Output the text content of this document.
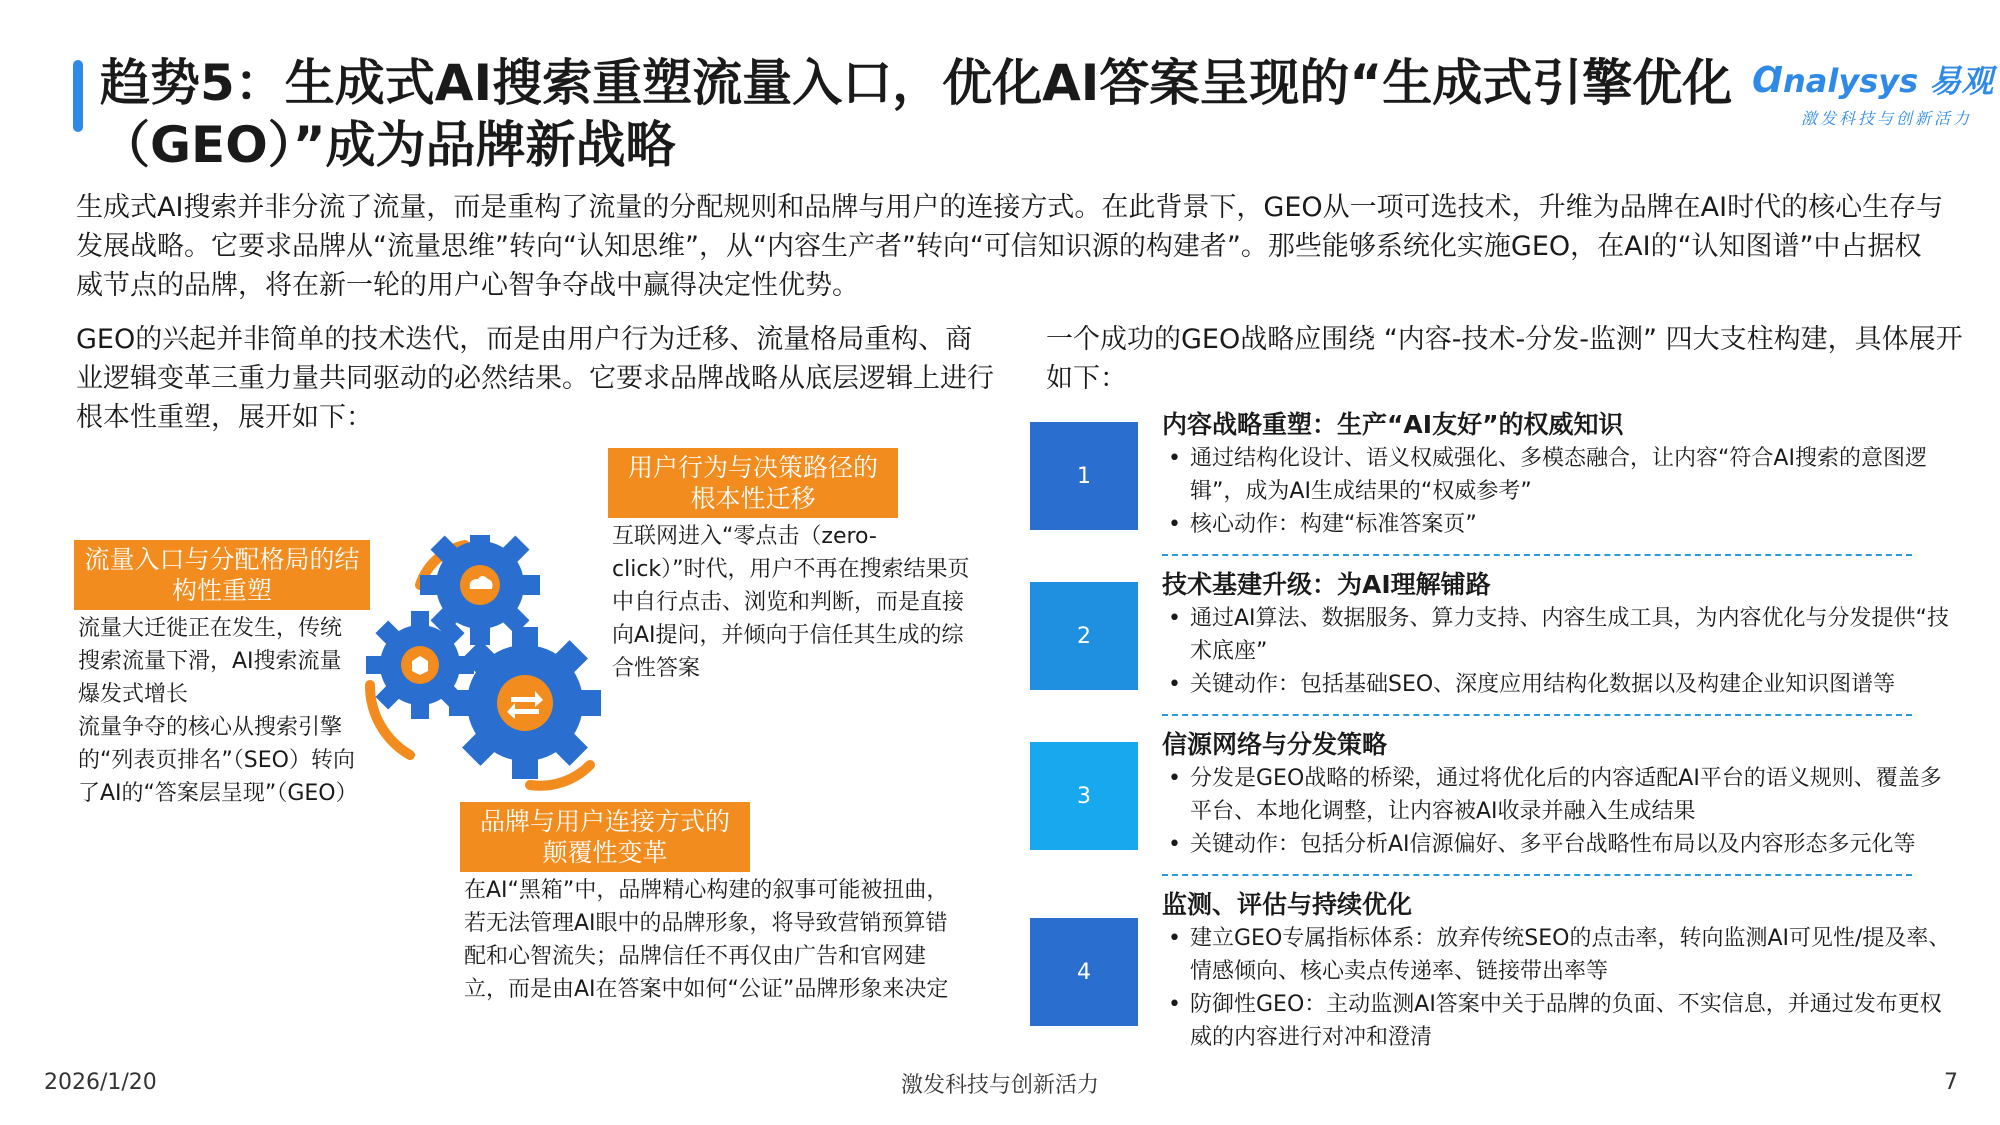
趋势5：生成式AI搜索重塑流量入口，优化AI答案呈现的“生成式引擎优化（GEO）”成为品牌新战略
Ɑnalysys 易观
激发科技与创新活力
生成式AI搜索并非分流了流量，而是重构了流量的分配规则和品牌与用户的连接方式。在此背景下，GEO从一项可选技术，升维为品牌在AI时代的核心生存与发展战略。它要求品牌从“流量思维”转向“认知思维”，从“内容生产者”转向“可信知识源的构建者”。那些能够系统化实施GEO，在AI的“认知图谱”中占据权威节点的品牌，将在新一轮的用户心智争夺战中赢得决定性优势。
GEO的兴起并非简单的技术迭代，而是由用户行为迁移、流量格局重构、商业逻辑变革三重力量共同驱动的必然结果。它要求品牌战略从底层逻辑上进行根本性重塑，展开如下：
流量入口与分配格局的结构性重塑
流量大迁徙正在发生，传统搜索流量下滑，AI搜索流量爆发式增长
流量争夺的核心从搜索引擎的“列表页排名”（SEO）转向了AI的“答案层呈现”（GEO）
用户行为与决策路径的根本性迁移
互联网进入“零点击（zero-click）”时代，用户不再在搜索结果页中自行点击、浏览和判断，而是直接向AI提问，并倾向于信任其生成的综合性答案
品牌与用户连接方式的颠覆性变革
在AI“黑箱”中，品牌精心构建的叙事可能被扭曲，若无法管理AI眼中的品牌形象，将导致营销预算错配和心智流失；品牌信任不再仅由广告和官网建立，而是由AI在答案中如何“公证”品牌形象来决定
一个成功的GEO战略应围绕 “内容-技术-分发-监测” 四大支柱构建，具体展开如下：
1
内容战略重塑：生产“AI友好”的权威知识
• 通过结构化设计、语义权威强化、多模态融合，让内容“符合AI搜索的意图逻辑”，成为AI生成结果的“权威参考”
• 核心动作：构建“标准答案页”
2
技术基建升级：为AI理解铺路
• 通过AI算法、数据服务、算力支持、内容生成工具，为内容优化与分发提供“技术底座”
• 关键动作：包括基础SEO、深度应用结构化数据以及构建企业知识图谱等
3
信源网络与分发策略
• 分发是GEO战略的桥梁，通过将优化后的内容适配AI平台的语义规则、覆盖多平台、本地化调整，让内容被AI收录并融入生成结果
• 关键动作：包括分析AI信源偏好、多平台战略性布局以及内容形态多元化等
4
监测、评估与持续优化
• 建立GEO专属指标体系：放弃传统SEO的点击率，转向监测AI可见性/提及率、情感倾向、核心卖点传递率、链接带出率等
• 防御性GEO：主动监测AI答案中关于品牌的负面、不实信息，并通过发布更权威的内容进行对冲和澄清
2026/1/20	激发科技与创新活力	7
